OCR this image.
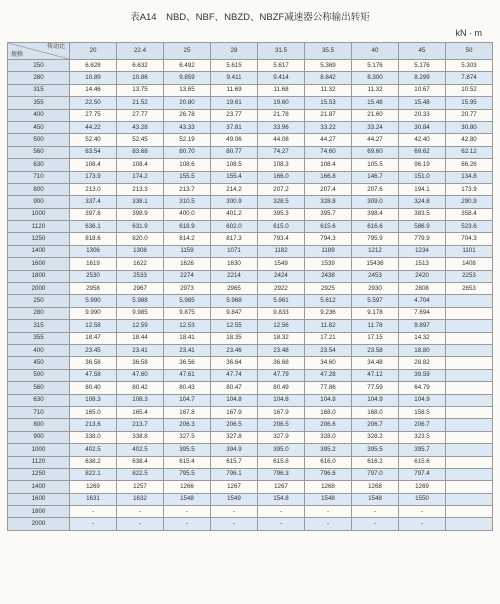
表A14　NBD、NBF、NBZD、NBZF减速器公称输出转矩
kN · m
传动比
规格	20	22.4	25	28	31.5	35.5	40	45	50
250	6.628	6.632	6.492	5.615	5.617	5.369	5.176	5.176	5.303
280	10.89	10.86	9.859	9.411	9.414	8.842	8.300	8.299	7.874
315	14.46	13.75	13.65	11.69	11.68	11.32	11.32	10.67	10.52
355	22.50	21.52	20.80	19.61	19.60	15.53	15.48	15.48	15.95
400	27.75	27.77	26.78	23.77	21.78	21.87	21.60	20.33	20.77
450	44.22	43.28	43.33	37.81	33.96	33.22	33.24	30.84	30.80
500	52.40	52.45	52.19	49.06	44.08	44.27	44.27	42.40	42.80
560	83.54	83.68	80.70	80.77	74.27	74.60	69.60	69.62	62.12
630	108.4	108.4	108.6	108.5	108.3	108.4	105.5	96.19	86.26
710	173.9	174.2	155.5	155.4	166.0	166.8	146.7	151.0	134.8
800	213.0	213.3	213.7	214.2	207.2	207.4	207.6	194.1	173.9
900	337.4	338.1	310.5	300.9	328.5	328.8	309.0	324.8	290.9
1000	397.6	398.9	400.0	401.2	395.3	395.7	398.4	383.5	358.4
1120	636.1	631.9	618.9	602.0	615.0	615.6	616.6	586.9	523.6
1250	818.6	820.0	814.2	817.3	793.4	794.3	795.9	779.9	704.3
1400	1306	1308	1159	1071	1182	1189	1212	1234	1101
1600	1619	1622	1626	1630	1549	1539	15436	1513	1408
1800	2530	2533	2274	2214	2424	2438	2453	2420	2253
2000	2958	2967	2973	2965	2922	2925	2930	2808	2653
250	5.990	5.988	5.985	5.968	5.961	5.612	5.597	4.704	
280	9.990	9.985	9.875	9.847	9.833	9.236	9.178	7.694	
315	12.58	12.59	12.53	12.55	12.56	11.82	11.78	9.897	
355	18.47	18.44	18.41	18.35	18.32	17.21	17.15	14.32	
400	23.45	23.41	23.41	23.46	23.48	23.54	23.58	18.80	
450	36.58	36.58	36.56	36.64	36.68	34.60	34.48	28.82	
500	47.58	47.60	47.61	47.74	47.79	47.28	47.12	39.59	
560	80.40	80.42	80.43	80.47	80.49	77.86	77.59	64.79	
630	108.3	108.3	104.7	104.8	104.8	104.8	104.9	104.9	
710	165.0	165.4	167.8	167.9	167.9	168.0	168.0	158.5	
800	213.6	213.7	206.3	206.5	206.5	206.6	206.7	206.7	
900	338.0	338.8	327.5	327.8	327.9	328.0	328.2	323.5	
1000	402.5	402.5	395.5	394.9	395.0	395.2	395.5	395.7	
1120	638.2	638.4	615.4	615.7	615.8	616.0	616.2	615.6	
1250	822.1	822.5	795.5	796.1	796.3	796.6	797.0	797.4	
1400	1269	1257	1266	1267	1267	1268	1268	1269	
1600	1631	1632	1548	1549	154.8	1548	1548	1550	
1800	-	-	-	-	-	-	-	-	
2000	-	-	-	-	-	-	-	-	
